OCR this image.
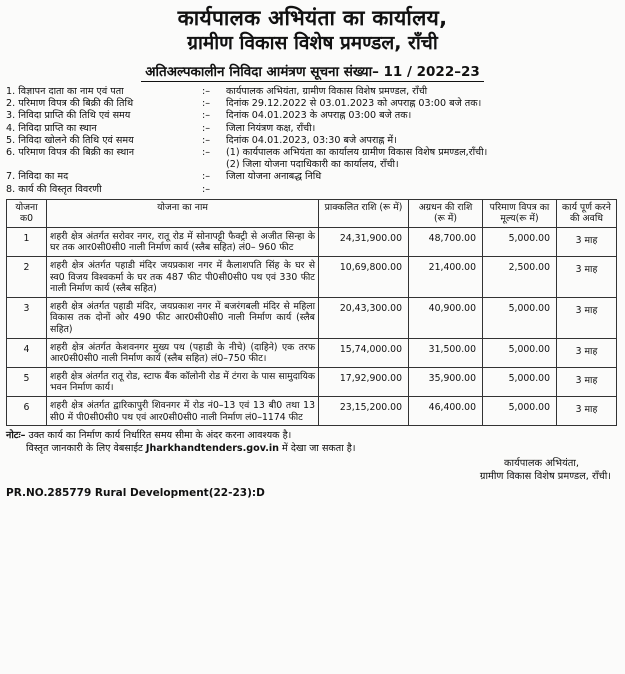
कार्यपालक अभियंता का कार्यालय,
ग्रामीण विकास विशेष प्रमण्डल, राँची
अतिअल्पकालीन निविदा आमंत्रण सूचना संख्या– 11 / 2022–23
1. विज्ञापन दाता का नाम एवं पता	:–	कार्यपालक अभियंता, ग्रामीण विकास विशेष प्रमण्डल, राँची
2. परिमाण विपत्र की बिक्री की तिथि	:–	दिनांक 29.12.2022 से 03.01.2023 को अपराह्न 03:00 बजे तक।
3. निविदा प्राप्ति की तिथि एवं समय	:–	दिनांक 04.01.2023 के अपराह्न 03:00 बजे तक।
4. निविदा प्राप्ति का स्थान	:–	जिला नियंत्रण कक्ष, राँची।
5. निविदा खोलने की तिथि एवं समय	:–	दिनांक 04.01.2023, 03:30 बजे अपराह्न में।
6. परिमाण विपत्र की बिक्री का स्थान	:–	(1) कार्यपालक अभियंता का कार्यालय ग्रामीण विकास विशेष प्रमण्डल,राँची।
(2) जिला योजना पदाधिकारी का कार्यालय, राँची।
7. निविदा का मद	:–	जिला योजना अनाबद्ध निधि
8. कार्य की विस्तृत विवरणी	:–
योजना क0	योजना का नाम	प्राक्कलित राशि (रू में)	अग्रधन की राशि (रू में)	परिमाण विपत्र का मूल्य(रू में)	कार्य पूर्ण करने की अवधि
1	शहरी क्षेत्र अंतर्गत सरोवर नगर, रातू रोड में सोनापट्टी फैक्ट्री से अजीत सिन्हा के घर तक आर0सी0सी0 नाली निर्माण कार्य (स्लैब सहित) लं0– 960 फीट	24,31,900.00	48,700.00	5,000.00	3 माह
2	शहरी क्षेत्र अंतर्गत पहाडी मंदिर जयप्रकाश नगर में कैलाशपति सिंह के घर से स्व0 विजय विश्वकर्मा के घर तक 487 फीट पी0सी0सी0 पथ एवं 330 फीट नाली निर्माण कार्य (स्लैब सहित)	10,69,800.00	21,400.00	2,500.00	3 माह
3	शहरी क्षेत्र अंतर्गत पहाडी मंदिर, जयप्रकाश नगर में बजरंगबली मंदिर से महिला विकास तक दोनों ओर 490 फीट आर0सी0सी0 नाली निर्माण कार्य (स्लैब सहित)	20,43,300.00	40,900.00	5,000.00	3 माह
4	शहरी क्षेत्र अंतर्गत केशवनगर मुख्य पथ (पहाडी के नीचे) (दाहिने) एक तरफ आर0सी0सी0 नाली निर्माण कार्य (स्लैब सहित) लं0–750 फीट।	15,74,000.00	31,500.00	5,000.00	3 माह
5	शहरी क्षेत्र अंतर्गत रातू रोड, स्टाफ बैंक कॉलोनी रोड में टंगरा के पास सामुदायिक भवन निर्माण कार्य।	17,92,900.00	35,900.00	5,000.00	3 माह
6	शहरी क्षेत्र अंतर्गत द्वारिकापुरी शिवनगर में रोड नं0–13 एवं 13 बी0 तथा 13 सी0 में पी0सी0सी0 पथ एवं आर0सी0सी0 नाली निर्माण लं0–1174 फीट	23,15,200.00	46,400.00	5,000.00	3 माह
नोटः– उक्त कार्य का निर्माण कार्य निर्धारित समय सीमा के अंदर करना आवश्यक है।
विस्तृत जानकारी के लिए वेबसाईट Jharkhandtenders.gov.in में देखा जा सकता है।
कार्यपालक अभियंता,
ग्रामीण विकास विशेष प्रमण्डल, राँची।
PR.NO.285779 Rural Development(22-23):D
